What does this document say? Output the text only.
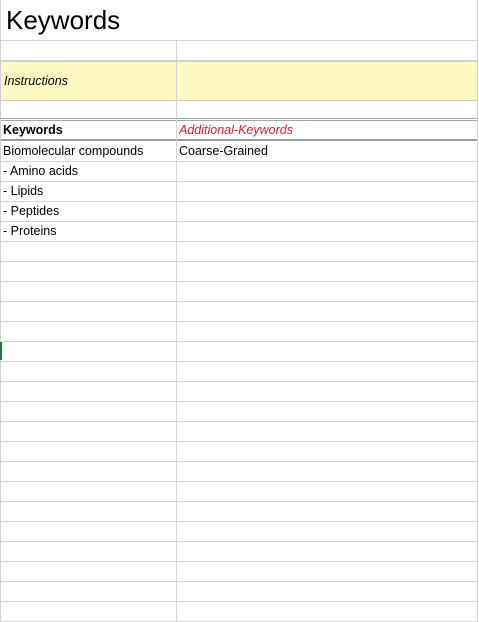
Keywords
Instructions
Keywords	Additional-Keywords
Biomolecular compounds	Coarse-Grained
- Amino acids
- Lipids
- Peptides
- Proteins
